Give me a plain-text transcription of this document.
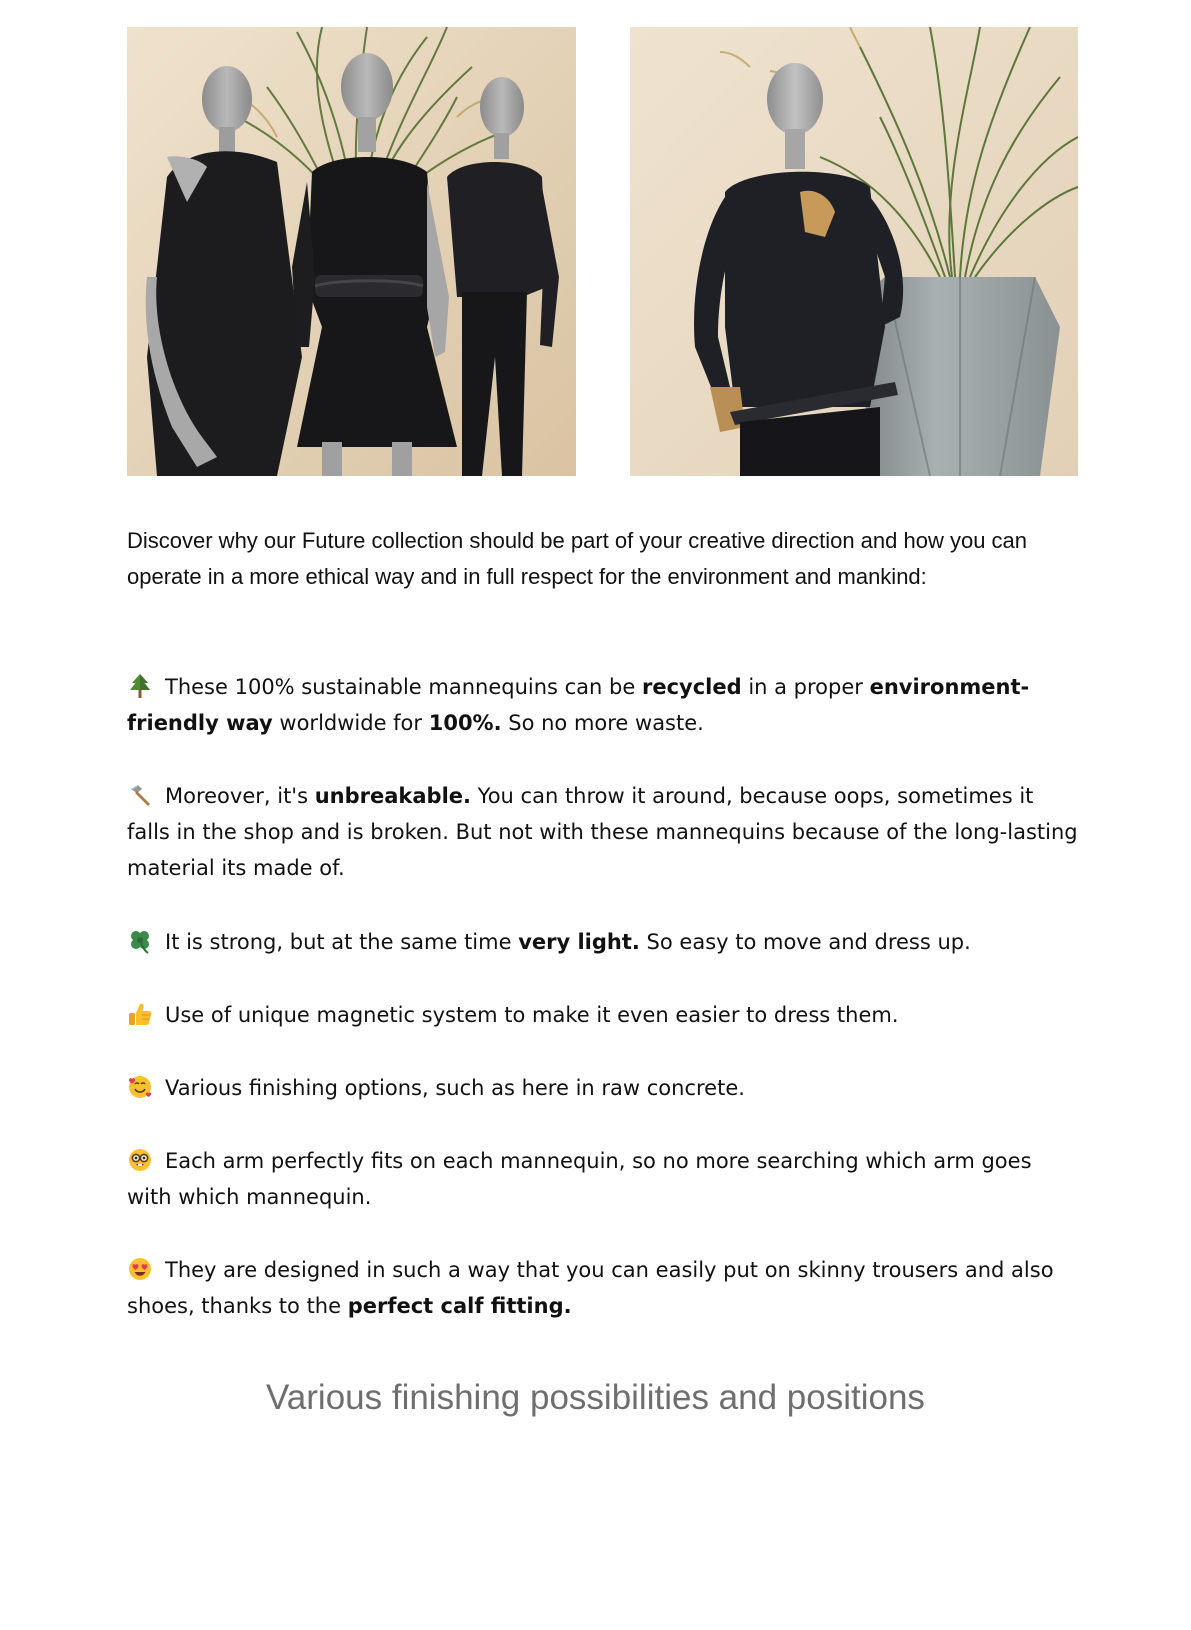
Discover why our Future collection should be part of your creative direction and how you can operate in a more ethical way and in full respect for the environment and mankind:

These 100% sustainable mannequins can be recycled in a proper environment-friendly way worldwide for 100%. So no more waste.

Moreover, it's unbreakable. You can throw it around, because oops, sometimes it falls in the shop and is broken. But not with these mannequins because of the long-lasting material its made of.

It is strong, but at the same time very light. So easy to move and dress up.

Use of unique magnetic system to make it even easier to dress them.

Various finishing options, such as here in raw concrete.

Each arm perfectly fits on each mannequin, so no more searching which arm goes with which mannequin.

They are designed in such a way that you can easily put on skinny trousers and also shoes, thanks to the perfect calf fitting.

Various finishing possibilities and positions
